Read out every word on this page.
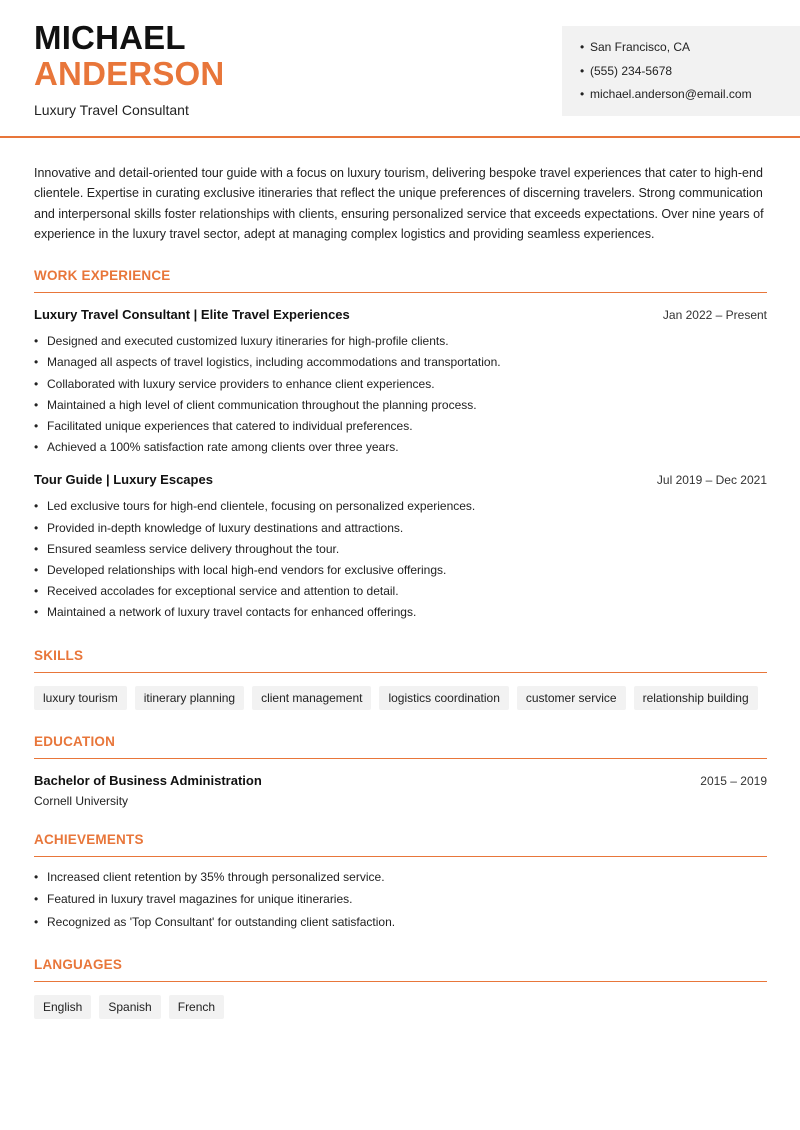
MICHAEL
ANDERSON
Luxury Travel Consultant
• San Francisco, CA
• (555) 234-5678
• michael.anderson@email.com

Innovative and detail-oriented tour guide with a focus on luxury tourism, delivering bespoke travel experiences that cater to high-end clientele. Expertise in curating exclusive itineraries that reflect the unique preferences of discerning travelers. Strong communication and interpersonal skills foster relationships with clients, ensuring personalized service that exceeds expectations. Over nine years of experience in the luxury travel sector, adept at managing complex logistics and providing seamless experiences.

WORK EXPERIENCE
Luxury Travel Consultant | Elite Travel Experiences	Jan 2022 – Present
• Designed and executed customized luxury itineraries for high-profile clients.
• Managed all aspects of travel logistics, including accommodations and transportation.
• Collaborated with luxury service providers to enhance client experiences.
• Maintained a high level of client communication throughout the planning process.
• Facilitated unique experiences that catered to individual preferences.
• Achieved a 100% satisfaction rate among clients over three years.
Tour Guide | Luxury Escapes	Jul 2019 – Dec 2021
• Led exclusive tours for high-end clientele, focusing on personalized experiences.
• Provided in-depth knowledge of luxury destinations and attractions.
• Ensured seamless service delivery throughout the tour.
• Developed relationships with local high-end vendors for exclusive offerings.
• Received accolades for exceptional service and attention to detail.
• Maintained a network of luxury travel contacts for enhanced offerings.
SKILLS
luxury tourism	itinerary planning	client management	logistics coordination	customer service	relationship building
EDUCATION
Bachelor of Business Administration	2015 – 2019
Cornell University
ACHIEVEMENTS
• Increased client retention by 35% through personalized service.
• Featured in luxury travel magazines for unique itineraries.
• Recognized as 'Top Consultant' for outstanding client satisfaction.
LANGUAGES
English	Spanish	French
